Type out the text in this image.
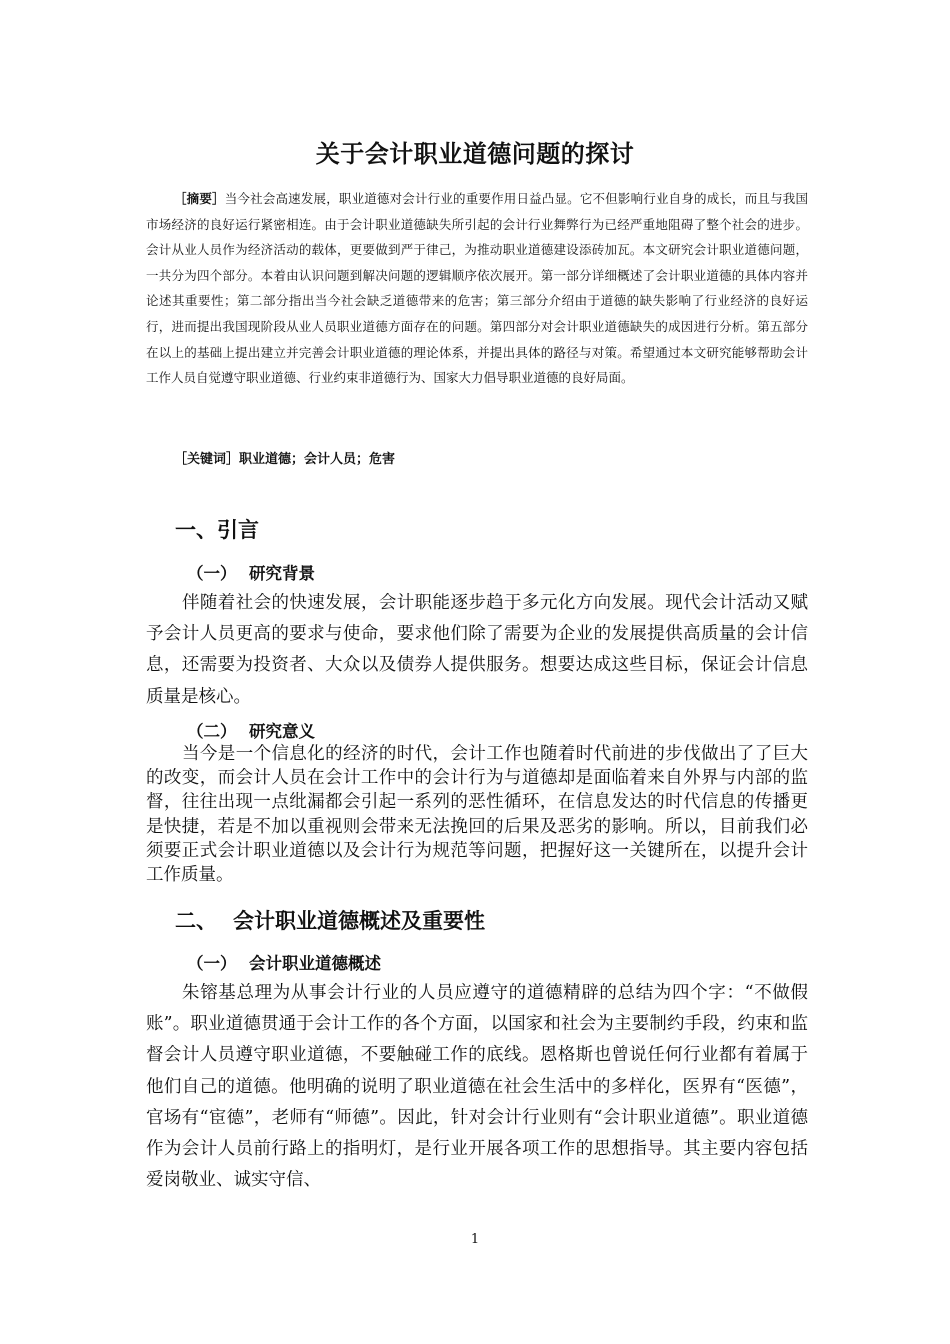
关于会计职业道德问题的探讨

［摘要］当今社会高速发展，职业道德对会计行业的重要作用日益凸显。它不但影响行业自身的成长，而且与我国市场经济的良好运行紧密相连。由于会计职业道德缺失所引起的会计行业舞弊行为已经严重地阻碍了整个社会的进步。会计从业人员作为经济活动的载体，更要做到严于律己，为推动职业道德建设添砖加瓦。本文研究会计职业道德问题，一共分为四个部分。本着由认识问题到解决问题的逻辑顺序依次展开。第一部分详细概述了会计职业道德的具体内容并论述其重要性；第二部分指出当今社会缺乏道德带来的危害；第三部分介绍由于道德的缺失影响了行业经济的良好运行，进而提出我国现阶段从业人员职业道德方面存在的问题。第四部分对会计职业道德缺失的成因进行分析。第五部分在以上的基础上提出建立并完善会计职业道德的理论体系，并提出具体的路径与对策。希望通过本文研究能够帮助会计工作人员自觉遵守职业道德、行业约束非道德行为、国家大力倡导职业道德的良好局面。

［关键词］职业道德；会计人员；危害
一、引言
（一） 研究背景

伴随着社会的快速发展，会计职能逐步趋于多元化方向发展。现代会计活动又赋予会计人员更高的要求与使命，要求他们除了需要为企业的发展提供高质量的会计信息，还需要为投资者、大众以及债券人提供服务。想要达成这些目标，保证会计信息质量是核心。

（二） 研究意义

当今是一个信息化的经济的时代，会计工作也随着时代前进的步伐做出了了巨大的改变，而会计人员在会计工作中的会计行为与道德却是面临着来自外界与内部的监督，往往出现一点纰漏都会引起一系列的恶性循环，在信息发达的时代信息的传播更是快捷，若是不加以重视则会带来无法挽回的后果及恶劣的影响。所以，目前我们必须要正式会计职业道德以及会计行为规范等问题，把握好这一关键所在，以提升会计工作质量。

二、 会计职业道德概述及重要性
（一） 会计职业道德概述

朱镕基总理为从事会计行业的人员应遵守的道德精辟的总结为四个字：“不做假账”。职业道德贯通于会计工作的各个方面，以国家和社会为主要制约手段，约束和监督会计人员遵守职业道德，不要触碰工作的底线。恩格斯也曾说任何行业都有着属于他们自己的道德。他明确的说明了职业道德在社会生活中的多样化，医界有“医德”，官场有“宦德”，老师有“师德”。因此，针对会计行业则有“会计职业道德”。职业道德作为会计人员前行路上的指明灯，是行业开展各项工作的思想指导。其主要内容包括爱岗敬业、诚实守信、

1
